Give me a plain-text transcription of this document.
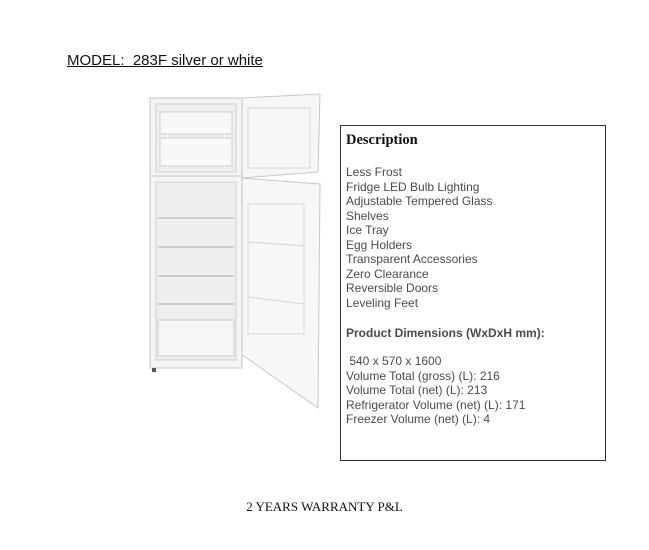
MODEL:  283F silver or white
Description
Less Frost
Fridge LED Bulb Lighting
Adjustable Tempered Glass
Shelves
Ice Tray
Egg Holders
Transparent Accessories
Zero Clearance
Reversible Doors
Leveling Feet
Product Dimensions (WxDxH mm):
540 x 570 x 1600
Volume Total (gross) (L): 216
Volume Total (net) (L): 213
Refrigerator Volume (net) (L): 171
Freezer Volume (net) (L): 4
2 YEARS WARRANTY P&L
